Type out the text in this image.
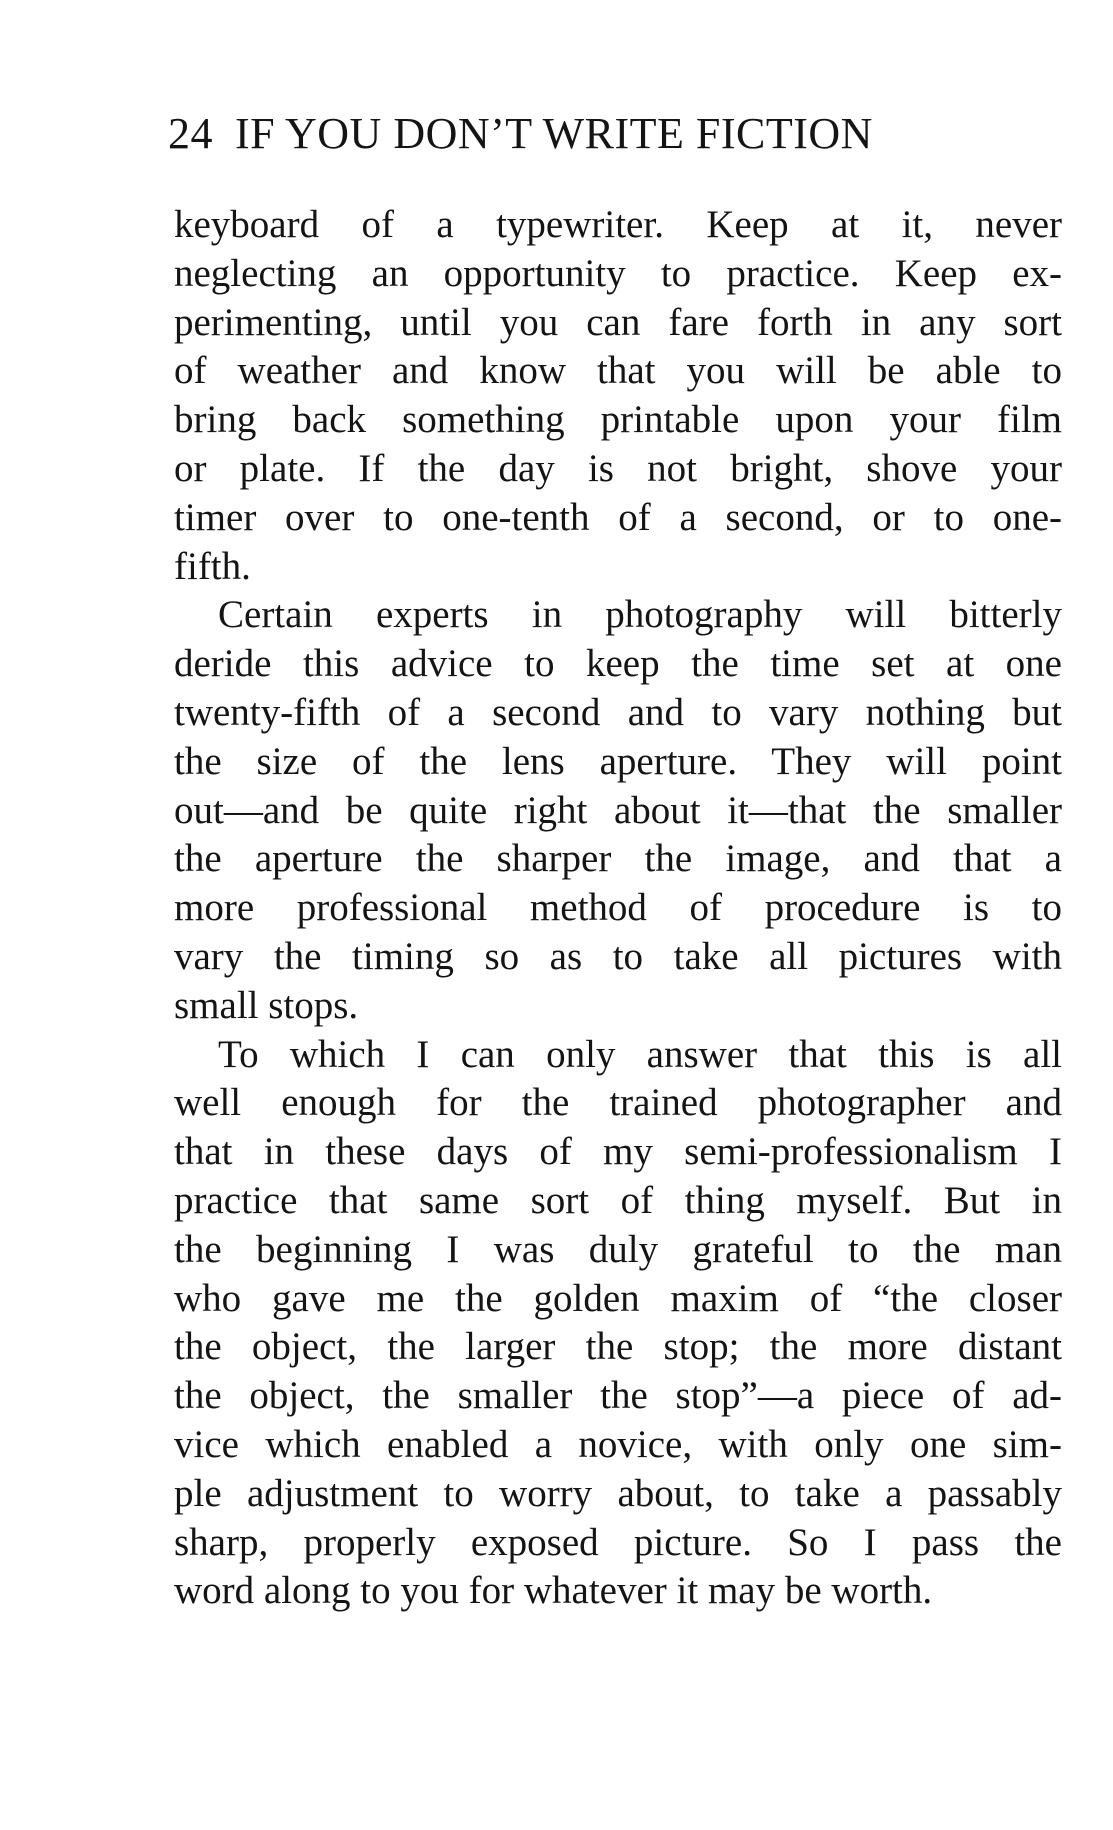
24 IF YOU DON’T WRITE FICTION
keyboard of a typewriter. Keep at it, never
neglecting an opportunity to practice. Keep ex-
perimenting, until you can fare forth in any sort
of weather and know that you will be able to
bring back something printable upon your film
or plate. If the day is not bright, shove your
timer over to one-tenth of a second, or to one-
fifth.
Certain experts in photography will bitterly
deride this advice to keep the time set at one
twenty-fifth of a second and to vary nothing but
the size of the lens aperture. They will point
out—and be quite right about it—that the smaller
the aperture the sharper the image, and that a
more professional method of procedure is to
vary the timing so as to take all pictures with
small stops.
To which I can only answer that this is all
well enough for the trained photographer and
that in these days of my semi-professionalism I
practice that same sort of thing myself. But in
the beginning I was duly grateful to the man
who gave me the golden maxim of “the closer
the object, the larger the stop; the more distant
the object, the smaller the stop”—a piece of ad-
vice which enabled a novice, with only one sim-
ple adjustment to worry about, to take a passably
sharp, properly exposed picture. So I pass the
word along to you for whatever it may be worth.
